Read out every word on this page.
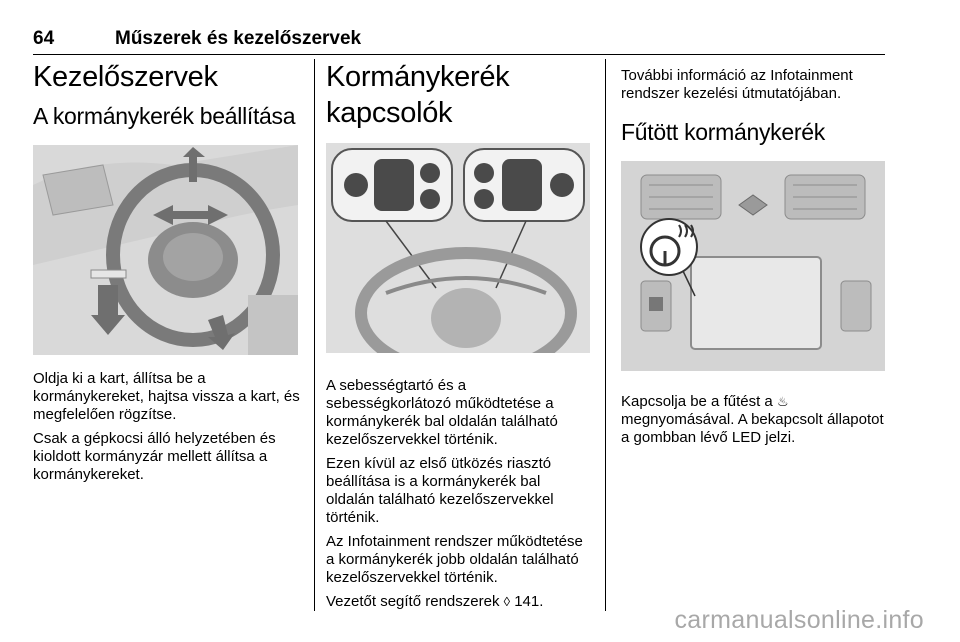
64	Műszerek és kezelőszervek
Kezelőszervek
A kormánykerék beállítása

Oldja ki a kart, állítsa be a kormánykereket, hajtsa vissza a kart, és megfelelően rögzítse.

Csak a gépkocsi álló helyzetében és kioldott kormányzár mellett állítsa a kormánykereket.

Kormánykerék kapcsolók

A sebességtartó és a sebességkorlátozó működtetése a kormánykerék bal oldalán található kezelőszervekkel történik.

Ezen kívül az első ütközés riasztó beállítása is a kormánykerék bal oldalán található kezelőszervekkel történik.

Az Infotainment rendszer működtetése a kormánykerék jobb oldalán található kezelőszervekkel történik.

Vezetőt segítő rendszerek ◊ 141.

További információ az Infotainment rendszer kezelési útmutatójában.

Fűtött kormánykerék

Kapcsolja be a fűtést a ♨ megnyomásával. A bekapcsolt állapotot a gombban lévő LED jelzi.

carmanualsonline.info
